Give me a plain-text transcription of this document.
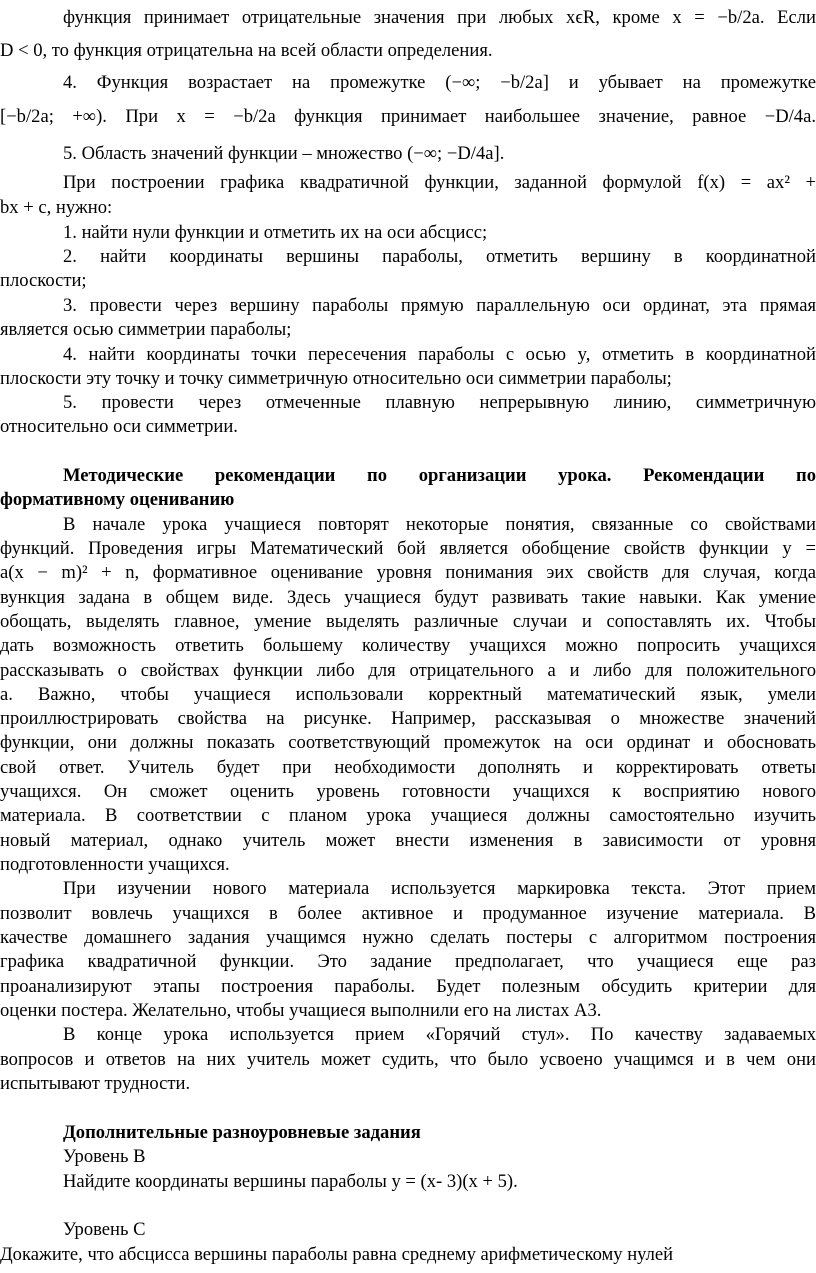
функция принимает отрицательные значения при любых xϵR, кроме x = −b/2a. Если
D < 0, то функция отрицательна на всей области определения.
4. Функция возрастает на промежутке (−∞; −b/2a] и убывает на промежутке
[−b/2a; +∞). При x = −b/2a функция принимает наибольшее значение, равное −D/4a.
5. Область значений функции – множество (−∞; −D/4a].
При построении графика квадратичной функции, заданной формулой f(x) = ax² +
bx + c, нужно:
1. найти нули функции и отметить их на оси абсцисс;
2. найти координаты вершины параболы, отметить вершину в координатной
плоскости;
3. провести через вершину параболы прямую параллельную оси ординат, эта прямая
является осью симметрии параболы;
4. найти координаты точки пересечения параболы с осью y, отметить в координатной
плоскости эту точку и точку симметричную относительно оси симметрии параболы;
5. провести через отмеченные плавную непрерывную линию, симметричную
относительно оси симметрии.
Методические рекомендации по организации урока. Рекомендации по
формативному оцениванию
В начале урока учащиеся повторят некоторые понятия, связанные со свойствами
функций. Проведения игры Математический бой является обобщение свойств функции y =
a(x − m)² + n, формативное оценивание уровня понимания эих свойств для случая, когда
вункция задана в общем виде. Здесь учащиеся будут развивать такие навыки. Как умение
обощать, выделять главное, умение выделять различные случаи и сопоставлять их. Чтобы
дать возможность ответить большему количеству учащихся можно попросить учащихся
рассказывать о свойствах функции либо для отрицательного a и либо для положительного
a. Важно, чтобы учащиеся использовали корректный математический язык, умели
проиллюстрировать свойства на рисунке. Например, рассказывая о множестве значений
функции, они должны показать соответствующий промежуток на оси ординат и обосновать
свой ответ. Учитель будет при необходимости дополнять и корректировать ответы
учащихся. Он сможет оценить уровень готовности учащихся к восприятию нового
материала. В соответствии с планом урока учащиеся должны самостоятельно изучить
новый материал, однако учитель может внести изменения в зависимости от уровня
подготовленности учащихся.
При изучении нового материала используется маркировка текста. Этот прием
позволит вовлечь учащихся в более активное и продуманное изучение материала. В
качестве домашнего задания учащимся нужно сделать постеры с алгоритмом построения
графика квадратичной функции. Это задание предполагает, что учащиеся еще раз
проанализируют этапы построения параболы. Будет полезным обсудить критерии для
оценки постера. Желательно, чтобы учащиеся выполнили его на листах А3.
В конце урока используется прием «Горячий стул». По качеству задаваемых
вопросов и ответов на них учитель может судить, что было усвоено учащимся и в чем они
испытывают трудности.
Дополнительные разноуровневые задания
Уровень B
Найдите координаты вершины параболы y = (x- 3)(x + 5).
Уровень C
Докажите, что абсцисса вершины параболы равна среднему арифметическому нулей
